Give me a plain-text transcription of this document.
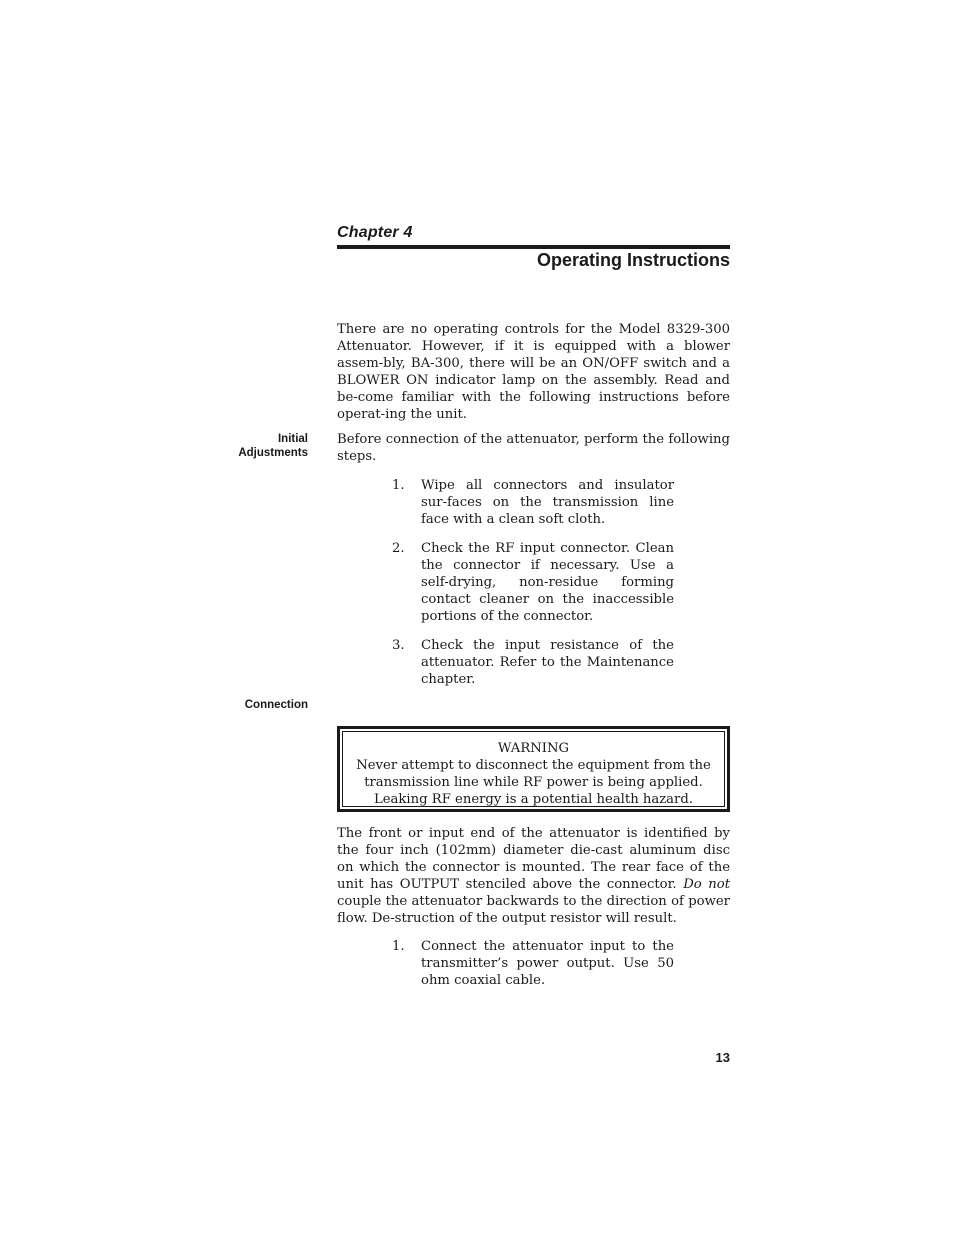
Chapter 4
Operating Instructions

There are no operating controls for the Model 8329-300 Attenuator. However, if it is equipped with a blower assem-bly, BA-300, there will be an ON/OFF switch and a BLOWER ON indicator lamp on the assembly. Read and be-come familiar with the following instructions before operat-ing the unit.

Initial
Adjustments

Before connection of the attenuator, perform the following steps.

1.	Wipe all connectors and insulator sur-faces on the transmission line face with a clean soft cloth.
2.	Check the RF input connector. Clean the connector if necessary. Use a self-drying, non-residue forming contact cleaner on the inaccessible portions of the connector.
3.	Check the input resistance of the attenuator. Refer to the Maintenance chapter.
Connection
WARNING
Never attempt to disconnect the equipment from the
transmission line while RF power is being applied.
Leaking RF energy is a potential health hazard.

The front or input end of the attenuator is identified by the four inch (102mm) diameter die-cast aluminum disc on which the connector is mounted. The rear face of the unit has OUTPUT stenciled above the connector. Do not couple the attenuator backwards to the direction of power flow. De-struction of the output resistor will result.

1.	Connect the attenuator input to the transmitter’s power output. Use 50 ohm coaxial cable.
13
